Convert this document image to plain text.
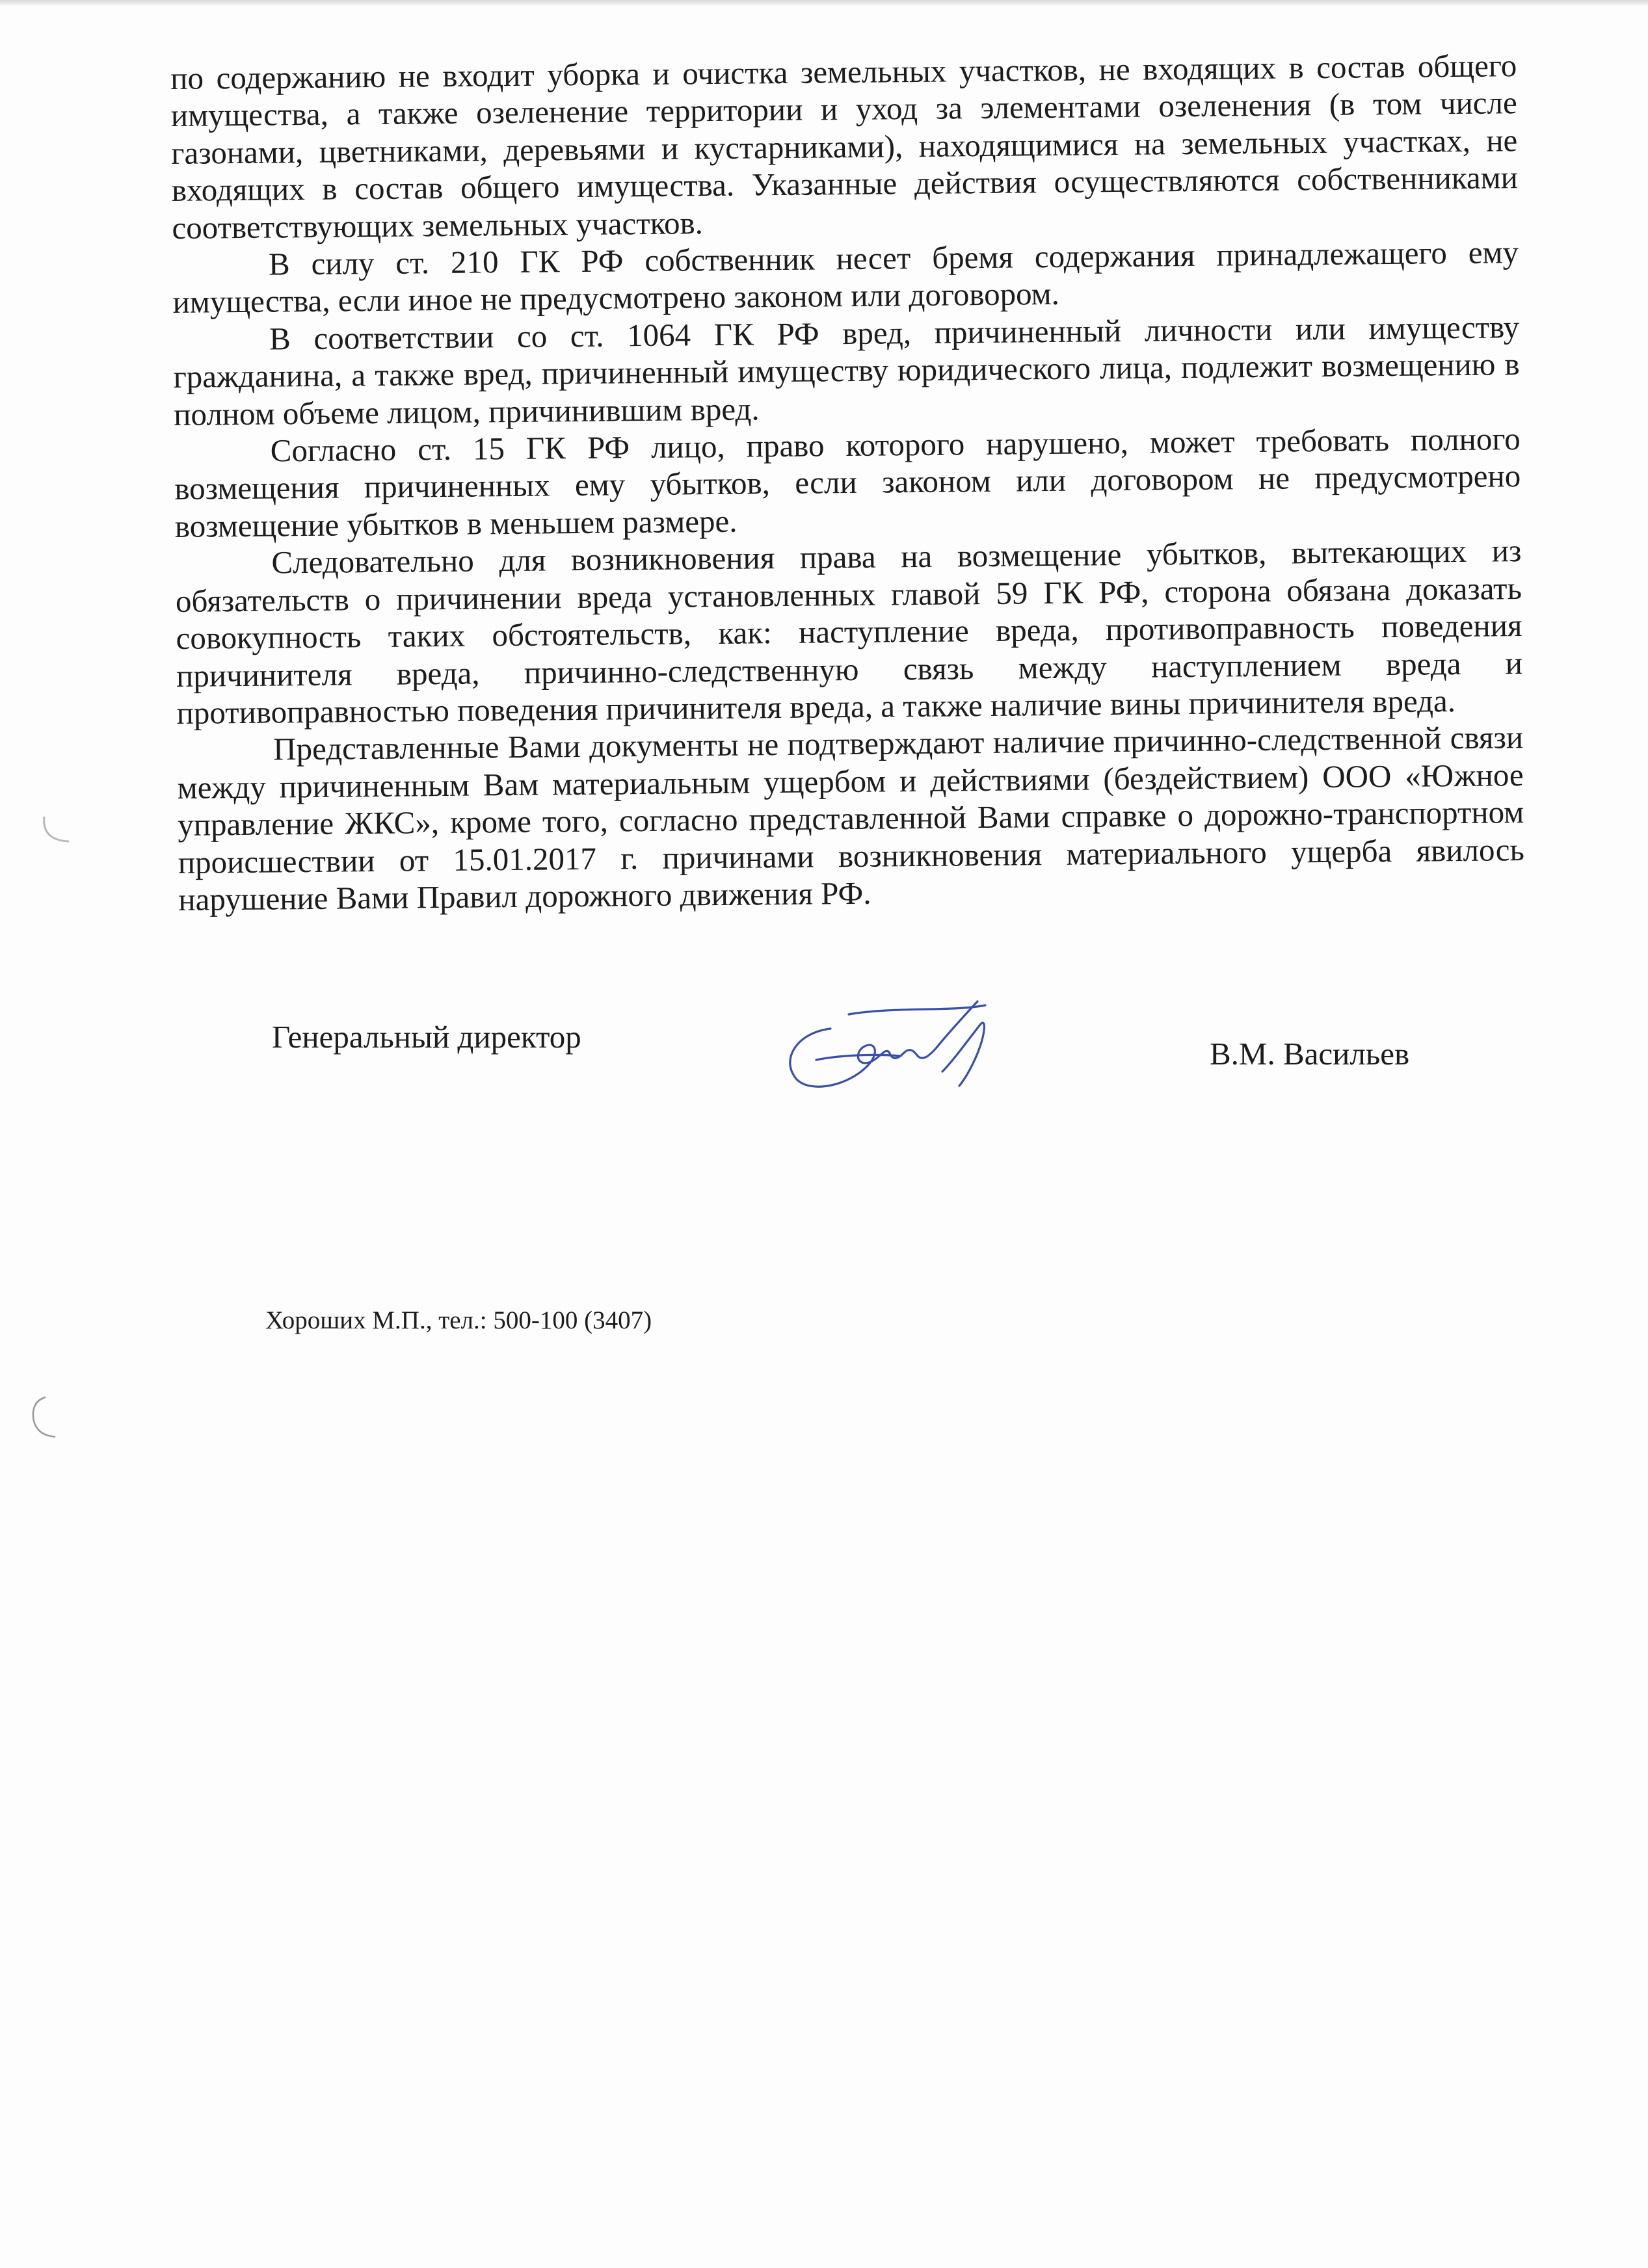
по содержанию не входит уборка и очистка земельных участков, не входящих в состав общего имущества, а также озеленение территории и уход за элементами озеленения (в том числе газонами, цветниками, деревьями и кустарниками), находящимися на земельных участках, не входящих в состав общего имущества. Указанные действия осуществляются собственниками соответствующих земельных участков.

В силу ст. 210 ГК РФ собственник несет бремя содержания принадлежащего ему имущества, если иное не предусмотрено законом или договором.

В соответствии со ст. 1064 ГК РФ вред, причиненный личности или имуществу гражданина, а также вред, причиненный имуществу юридического лица, подлежит возмещению в полном объеме лицом, причинившим вред.

Согласно ст. 15 ГК РФ лицо, право которого нарушено, может требовать полного возмещения причиненных ему убытков, если законом или договором не предусмотрено возмещение убытков в меньшем размере.

Следовательно для возникновения права на возмещение убытков, вытекающих из обязательств о причинении вреда установленных главой 59 ГК РФ, сторона обязана доказать совокупность таких обстоятельств, как: наступление вреда, противоправность поведения причинителя вреда, причинно-следственную связь между наступлением вреда и противоправностью поведения причинителя вреда, а также наличие вины причинителя вреда.

Представленные Вами документы не подтверждают наличие причинно-следственной связи между причиненным Вам материальным ущербом и действиями (бездействием) ООО «Южное управление ЖКС», кроме того, согласно представленной Вами справке о дорожно-транспортном происшествии от 15.01.2017 г. причинами возникновения материального ущерба явилось нарушение Вами Правил дорожного движения РФ.

Генеральный директор	В.М. Васильев
Хороших М.П., тел.: 500-100 (3407)
